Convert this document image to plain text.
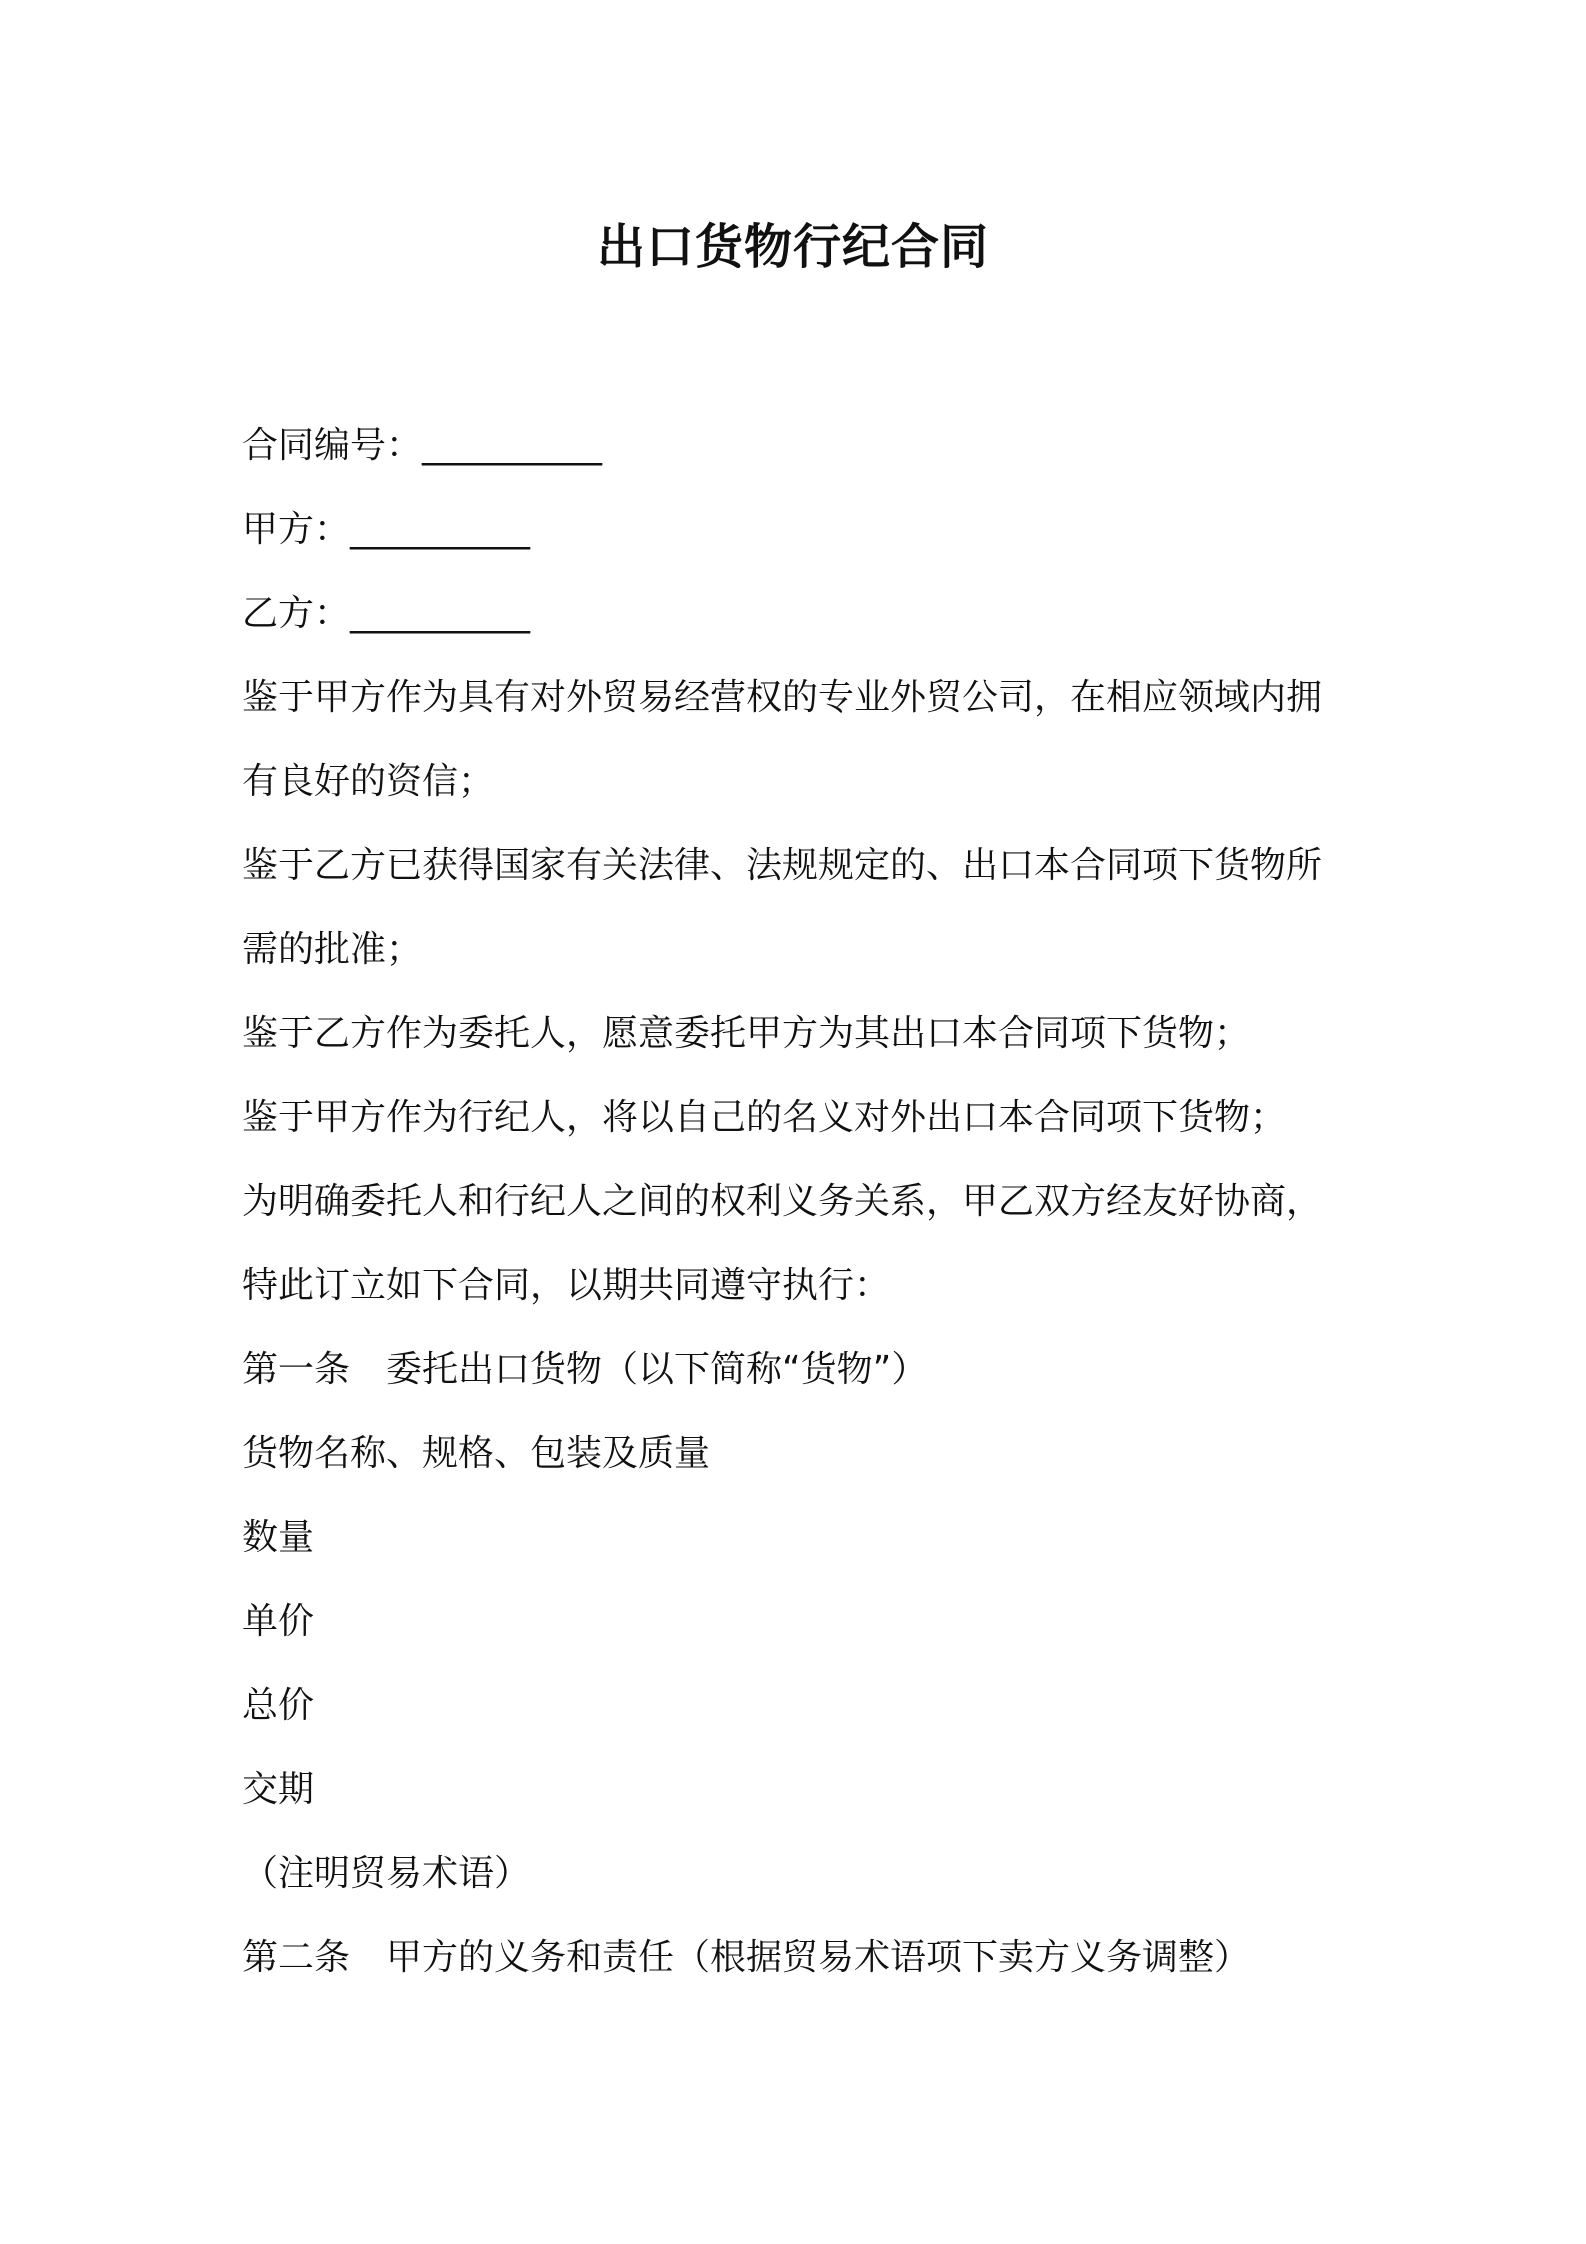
出口货物行纪合同
合同编号：__________
甲方：__________
乙方：__________
鉴于甲方作为具有对外贸易经营权的专业外贸公司，在相应领域内拥
有良好的资信；
鉴于乙方已获得国家有关法律、法规规定的、出口本合同项下货物所
需的批准；
鉴于乙方作为委托人，愿意委托甲方为其出口本合同项下货物；
鉴于甲方作为行纪人，将以自己的名义对外出口本合同项下货物；
为明确委托人和行纪人之间的权利义务关系，甲乙双方经友好协商，
特此订立如下合同，以期共同遵守执行：
第一条 委托出口货物（以下简称“货物”）
货物名称、规格、包装及质量
数量
单价
总价
交期
（注明贸易术语）
第二条 甲方的义务和责任（根据贸易术语项下卖方义务调整）
